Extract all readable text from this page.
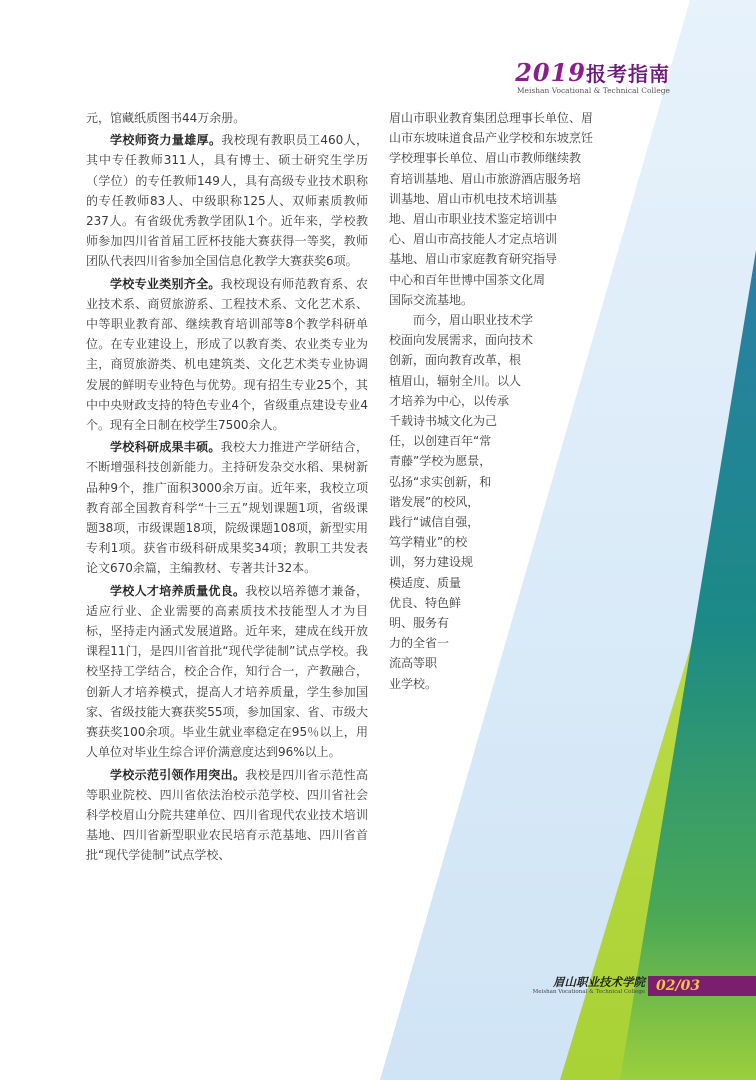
2019报考指南
Meishan Vocational & Technical College

元，馆藏纸质图书44万余册。

学校师资力量雄厚。我校现有教职员工460人，其中专任教师311人，具有博士、硕士研究生学历（学位）的专任教师149人，具有高级专业技术职称的专任教师83人、中级职称125人、双师素质教师237人。有省级优秀教学团队1个。近年来，学校教师参加四川省首届工匠杯技能大赛获得一等奖，教师团队代表四川省参加全国信息化教学大赛获奖6项。

学校专业类别齐全。我校现设有师范教育系、农业技术系、商贸旅游系、工程技术系、文化艺术系、中等职业教育部、继续教育培训部等8个教学科研单位。在专业建设上，形成了以教育类、农业类专业为主，商贸旅游类、机电建筑类、文化艺术类专业协调发展的鲜明专业特色与优势。现有招生专业25个，其中中央财政支持的特色专业4个，省级重点建设专业4个。现有全日制在校学生7500余人。

学校科研成果丰硕。我校大力推进产学研结合，不断增强科技创新能力。主持研发杂交水稻、果树新品种9个，推广面积3000余万亩。近年来，我校立项教育部全国教育科学“十三五”规划课题1项，省级课题38项，市级课题18项，院级课题108项，新型实用专利1项。获省市级科研成果奖34项；教职工共发表论文670余篇，主编教材、专著共计32本。

学校人才培养质量优良。我校以培养德才兼备，适应行业、企业需要的高素质技术技能型人才为目标，坚持走内涵式发展道路。近年来，建成在线开放课程11门，是四川省首批“现代学徒制”试点学校。我校坚持工学结合，校企合作，知行合一，产教融合，创新人才培养模式，提高人才培养质量，学生参加国家、省级技能大赛获奖55项，参加国家、省、市级大赛获奖100余项。毕业生就业率稳定在95％以上，用人单位对毕业生综合评价满意度达到96%以上。

学校示范引领作用突出。我校是四川省示范性高等职业院校、四川省依法治校示范学校、四川省社会科学校眉山分院共建单位、四川省现代农业技术培训基地、四川省新型职业农民培育示范基地、四川省首批“现代学徒制”试点学校、

眉山市职业教育集团总理事长单位、眉
山市东坡味道食品产业学校和东坡烹饪
学校理事长单位、眉山市教师继续教
育培训基地、眉山市旅游酒店服务培
训基地、眉山市机电技术培训基
地、眉山市职业技术鉴定培训中
心、眉山市高技能人才定点培训
基地、眉山市家庭教育研究指导
中心和百年世博中国茶文化周
国际交流基地。
而今，眉山职业技术学
校面向发展需求，面向技术
创新，面向教育改革，根
植眉山，辐射全川。以人
才培养为中心，以传承
千载诗书城文化为己
任，以创建百年“常
青藤”学校为愿景，
弘扬“求实创新，和
谐发展”的校风，
践行“诚信自强，
笃学精业”的校
训，努力建设规
模适度、质量
优良、特色鲜
明、服务有
力的全省一
流高等职
业学校。
眉山职业技术学院
Meishan Vocational & Technical College 02/03
